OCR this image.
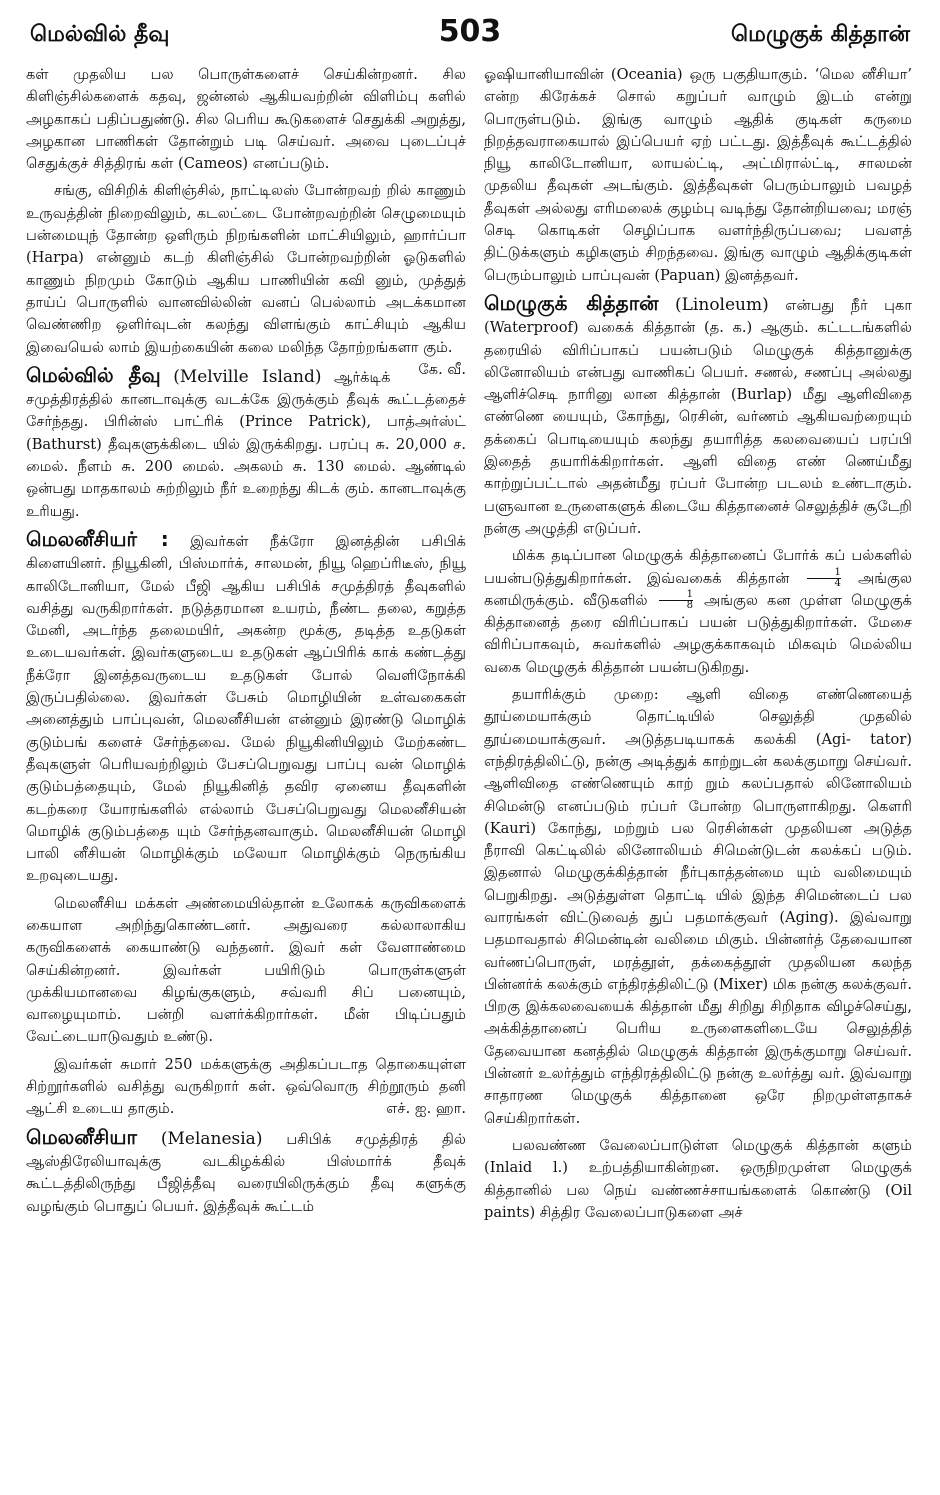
மெல்வில் தீவு	503	மெழுகுக் கித்தான்

கள் முதலிய பல பொருள்களைச் செய்கின்றனர். சில கிளிஞ்சில்களைக் கதவு, ஜன்னல் ஆகியவற்றின் விளிம்பு களில் அழகாகப் பதிப்பதுண்டு. சில பெரிய கூடுகளைச் செதுக்கி அறுத்து, அழகான பாணிகள் தோன்றும் படி செய்வர். அவை புடைப்புச் செதுக்குச் சித்திரங் கள் (Cameos) எனப்படும்.

சங்கு, விசிறிக் கிளிஞ்சில், நாட்டிலஸ் போன்றவற் றில் காணும் உருவத்தின் நிறைவிலும், கடலட்டை போன்றவற்றின் செழுமையும் பன்மையுந் தோன்ற ஒளிரும் நிறங்களின் மாட்சியிலும், ஹார்ப்பா (Harpa) என்னும் கடற் கிளிஞ்சில் போன்றவற்றின் ஓடுகளில் காணும் நிறமும் கோடும் ஆகிய பாணியின் கவி னும், முத்துத் தாய்ப் பொருளில் வானவில்லின் வனப் பெல்லாம் அடக்கமான வெண்ணிற ஒளிர்வுடன் கலந்து விளங்கும் காட்சியும் ஆகிய இவையெல் லாம் இயற்கையின் கலை மலிந்த தோற்றங்களா கும்.
கே. வீ.

மெல்வில் தீவு (Melville Island) ஆர்க்டிக் சமுத்திரத்தில் கானடாவுக்கு வடக்கே இருக்கும் தீவுக் கூட்டத்தைச் சேர்ந்தது. பிரின்ஸ் பாட்ரிக் (Prince Patrick), பாத்அர்ஸ்ட் (Bathurst) தீவுகளுக்கிடை யில் இருக்கிறது. பரப்பு சு. 20,000 ச. மைல். நீளம் சு. 200 மைல். அகலம் சு. 130 மைல். ஆண்டில் ஒன்பது மாதகாலம் சுற்றிலும் நீர் உறைந்து கிடக் கும். கானடாவுக்கு உரியது.

மெலனீசியர் : இவர்கள் நீக்ரோ இனத்தின் பசிபிக் கிளையினர். நியூகினி, பிஸ்மார்க், சாலமன், நியூ ஹெப்ரிடீஸ், நியூ காலிடோனியா, மேல் பீஜி ஆகிய பசிபிக் சமுத்திரத் தீவுகளில் வசித்து வருகிறார்கள். நடுத்தரமான உயரம், நீண்ட தலை, கறுத்த மேனி, அடர்ந்த தலைமயிர், அகன்ற மூக்கு, தடித்த உதடுகள் உடையவர்கள். இவர்களுடைய உதடுகள் ஆப்பிரிக் காக் கண்டத்து நீக்ரோ இனத்தவருடைய உதடுகள் போல் வெளிநோக்கி இருப்பதில்லை. இவர்கள் பேசும் மொழியின் உள்வகைகள் அனைத்தும் பாப்புவன், மெலனீசியன் என்னும் இரண்டு மொழிக் குடும்பங் களைச் சேர்ந்தவை. மேல் நியூகினியிலும் மேற்கண்ட தீவுகளுள் பெரியவற்றிலும் பேசப்பெறுவது பாப்பு வன் மொழிக் குடும்பத்தையும், மேல் நியூகினித் தவிர ஏனைய தீவுகளின் கடற்கரை யோரங்களில் எல்லாம் பேசப்பெறுவது மெலனீசியன் மொழிக் குடும்பத்தை யும் சேர்ந்தனவாகும். மெலனீசியன் மொழி பாலி னீசியன் மொழிக்கும் மலேயா மொழிக்கும் நெருங்கிய உறவுடையது.

மெலனீசிய மக்கள் அண்மையில்தான் உலோகக் கருவிகளைக் கையாள அறிந்துகொண்டனர். அதுவரை கல்லாலாகிய கருவிகளைக் கையாண்டு வந்தனர். இவர் கள் வேளாண்மை செய்கின்றனர். இவர்கள் பயிரிடும் பொருள்களுள் முக்கியமானவை கிழங்குகளும், சவ்வரி சிப் பனையும், வாழையுமாம். பன்றி வளர்க்கிறார்கள். மீன் பிடிப்பதும் வேட்டையாடுவதும் உண்டு.

இவர்கள் சுமார் 250 மக்களுக்கு அதிகப்படாத தொகையுள்ள சிற்றூர்களில் வசித்து வருகிறார் கள். ஒவ்வொரு சிற்றூரும் தனி ஆட்சி உடைய தாகும்.	எச். ஐ. ஹா.

மெலனீசியா (Melanesia) பசிபிக் சமுத்திரத் தில் ஆஸ்திரேலியாவுக்கு வடகிழக்கில் பிஸ்மார்க் தீவுக் கூட்டத்திலிருந்து பீஜித்தீவு வரையிலிருக்கும் தீவு களுக்கு வழங்கும் பொதுப் பெயர். இத்தீவுக் கூட்டம்

ஓஷியானியாவின் (Oceania) ஒரு பகுதியாகும். ‘மெல னீசியா’ என்ற கிரேக்கச் சொல் கறுப்பர் வாழும் இடம் என்று பொருள்படும். இங்கு வாழும் ஆதிக் குடிகள் கருமை நிறத்தவராகையால் இப்பெயர் ஏற் பட்டது. இத்தீவுக் கூட்டத்தில் நியூ காலிடோனியா, லாயல்ட்டி, அட்மிரால்ட்டி, சாலமன் முதலிய தீவுகள் அடங்கும். இத்தீவுகள் பெரும்பாலும் பவழத் தீவுகள் அல்லது எரிமலைக் குழம்பு வடிந்து தோன்றியவை; மரஞ் செடி கொடிகள் செழிப்பாக வளர்ந்திருப்பவை; பவளத் திட்டுக்களும் கழிகளும் சிறந்தவை. இங்கு வாழும் ஆதிக்குடிகள் பெரும்பாலும் பாப்புவன் (Papuan) இனத்தவர்.

மெழுகுக் கித்தான் (Linoleum) என்பது நீர் புகா (Waterproof) வகைக் கித்தான் (த. க.) ஆகும். கட்டடங்களில் தரையில் விரிப்பாகப் பயன்படும் மெழுகுக் கித்தானுக்கு லினோலியம் என்பது வாணிகப் பெயர். சணல், சணப்பு அல்லது ஆளிச்செடி நாரினு லான கித்தான் (Burlap) மீது ஆளிவிதை எண்ணெ யையும், கோந்து, ரெசின், வர்ணம் ஆகியவற்றையும் தக்கைப் பொடியையும் கலந்து தயாரித்த கலவையைப் பரப்பி இதைத் தயாரிக்கிறார்கள். ஆளி விதை எண் ணெய்மீது காற்றுப்பட்டால் அதன்மீது ரப்பர் போன்ற படலம் உண்டாகும். பளுவான உருளைகளுக் கிடையே கித்தானைச் செலுத்திச் சூடேறி நன்கு அழுத்தி எடுப்பர்.

மிக்க தடிப்பான மெழுகுக் கித்தானைப் போர்க் கப் பல்களில் பயன்படுத்துகிறார்கள். இவ்வகைக் கித்தான் $\frac{1}{4}$ அங்குல கனமிருக்கும். வீடுகளில் $\frac{1}{8}$ அங்குல கன முள்ள மெழுகுக் கித்தானைத் தரை விரிப்பாகப் பயன் படுத்துகிறார்கள். மேசை விரிப்பாகவும், சுவர்களில் அழகுக்காகவும் மிகவும் மெல்லிய வகை மெழுகுக் கித்தான் பயன்படுகிறது.

தயாரிக்கும் முறை: ஆளி விதை எண்ணெயைத் தூய்மையாக்கும் தொட்டியில் செலுத்தி முதலில் தூய்மையாக்குவர். அடுத்தபடியாகக் கலக்கி (Agi- tator) எந்திரத்திலிட்டு, நன்கு அடித்துக் காற்றுடன் கலக்குமாறு செய்வர். ஆளிவிதை எண்ணெயும் காற் றும் கலப்பதால் லினோலியம் சிமென்டு எனப்படும் ரப்பர் போன்ற பொருளாகிறது. கௌரி (Kauri) கோந்து, மற்றும் பல ரெசின்கள் முதலியன அடுத்த நீராவி கெட்டிலில் லினோலியம் சிமென்டுடன் கலக்கப் படும். இதனால் மெழுகுக்கித்தான் நீர்புகாத்தன்மை யும் வலிமையும் பெறுகிறது. அடுத்துள்ள தொட்டி யில் இந்த சிமென்டைப் பல வாரங்கள் விட்டுவைத் துப் பதமாக்குவர் (Aging). இவ்வாறு பதமாவதால் சிமென்டின் வலிமை மிகும். பின்னர்த் தேவையான வர்ணப்பொருள், மரத்தூள், தக்கைத்தூள் முதலியன கலந்த பின்னர்க் கலக்கும் எந்திரத்திலிட்டு (Mixer) மிக நன்கு கலக்குவர். பிறகு இக்கலவையைக் கித்தான் மீது சிறிது சிறிதாக விழச்செய்து, அக்கித்தானைப் பெரிய உருளைகளிடையே செலுத்தித் தேவையான கனத்தில் மெழுகுக் கித்தான் இருக்குமாறு செய்வர். பின்னர் உலர்த்தும் எந்திரத்திலிட்டு நன்கு உலர்த்து வர். இவ்வாறு சாதாரண மெழுகுக் கித்தானை ஒரே நிறமுள்ளதாகச் செய்கிறார்கள்.

பலவண்ண வேலைப்பாடுள்ள மெழுகுக் கித்தான் களும் (Inlaid l.) உற்பத்தியாகின்றன. ஒருநிறமுள்ள மெழுகுக் கித்தானில் பல நெய் வண்ணச்சாயங்களைக் கொண்டு (Oil paints) சித்திர வேலைப்பாடுகளை அச்
